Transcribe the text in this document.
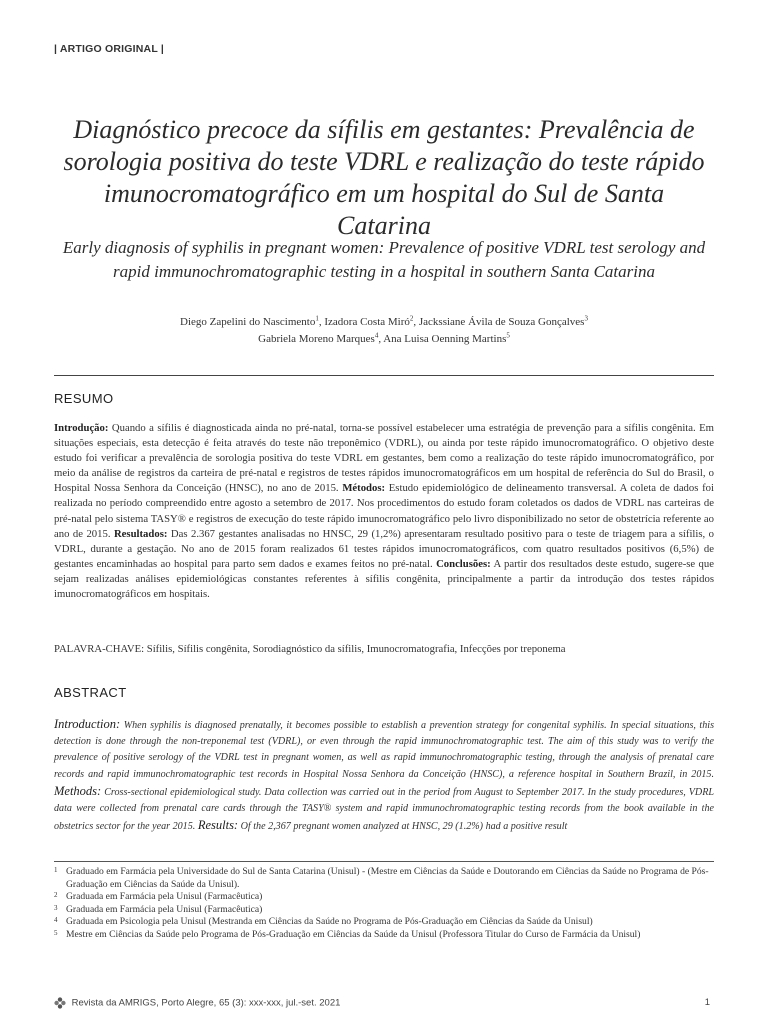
| ARTIGO ORIGINAL |
Diagnóstico precoce da sífilis em gestantes: Prevalência de sorologia positiva do teste VDRL e realização do teste rápido imunocromatográfico em um hospital do Sul de Santa Catarina
Early diagnosis of syphilis in pregnant women: Prevalence of positive VDRL test serology and rapid immunochromatographic testing in a hospital in southern Santa Catarina
Diego Zapelini do Nascimento$^1$, Izadora Costa Miró$^2$, Jackssiane Ávila de Souza Gonçalves$^3$
Gabriela Moreno Marques$^4$, Ana Luisa Oenning Martins$^5$
RESUMO

Introdução: Quando a sífilis é diagnosticada ainda no pré-natal, torna-se possível estabelecer uma estratégia de prevenção para a sífilis congênita. Em situações especiais, esta detecção é feita através do teste não treponêmico (VDRL), ou ainda por teste rápido imunocromatográfico. O objetivo deste estudo foi verificar a prevalência de sorologia positiva do teste VDRL em gestantes, bem como a realização do teste rápido imunocromatográfico, por meio da análise de registros da carteira de pré-natal e registros de testes rápidos imunocromatográficos em um hospital de referência do Sul do Brasil, o Hospital Nossa Senhora da Conceição (HNSC), no ano de 2015. Métodos: Estudo epidemiológico de delineamento transversal. A coleta de dados foi realizada no período compreendido entre agosto a setembro de 2017. Nos procedimentos do estudo foram coletados os dados de VDRL nas carteiras de pré-natal pelo sistema TASY® e registros de execução do teste rápido imunocromatográfico pelo livro disponibilizado no setor de obstetrícia referente ao ano de 2015. Resultados: Das 2.367 gestantes analisadas no HNSC, 29 (1,2%) apresentaram resultado positivo para o teste de triagem para a sífilis, o VDRL, durante a gestação. No ano de 2015 foram realizados 61 testes rápidos imunocromatográficos, com quatro resultados positivos (6,5%) de gestantes encaminhadas ao hospital para parto sem dados e exames feitos no pré-natal. Conclusões: A partir dos resultados deste estudo, sugere-se que sejam realizadas análises epidemiológicas constantes referentes à sífilis congênita, principalmente a partir da introdução dos testes rápidos imunocromatográficos em hospitais.

PALAVRA-CHAVE: Sífilis, Sífilis congênita, Sorodiagnóstico da sífilis, Imunocromatografia, Infecções por treponema
ABSTRACT

Introduction: When syphilis is diagnosed prenatally, it becomes possible to establish a prevention strategy for congenital syphilis. In special situations, this detection is done through the non-treponemal test (VDRL), or even through the rapid immunochromatographic test. The aim of this study was to verify the prevalence of positive serology of the VDRL test in pregnant women, as well as rapid immunochromatographic testing, through the analysis of prenatal care records and rapid immunochromatographic test records in Hospital Nossa Senhora da Conceição (HNSC), a reference hospital in Southern Brazil, in 2015. Methods: Cross-sectional epidemiological study. Data collection was carried out in the period from August to September 2017. In the study procedures, VDRL data were collected from prenatal care cards through the TASY® system and rapid immunochromatographic testing records from the book available in the obstetrics sector for the year 2015. Results: Of the 2,367 pregnant women analyzed at HNSC, 29 (1.2%) had a positive result

1 Graduado em Farmácia pela Universidade do Sul de Santa Catarina (Unisul) - (Mestre em Ciências da Saúde e Doutorando em Ciências da Saúde no Programa de Pós-Graduação em Ciências da Saúde da Unisul).
2 Graduada em Farmácia pela Unisul (Farmacêutica)
3 Graduada em Farmácia pela Unisul (Farmacêutica)
4 Graduada em Psicologia pela Unisul (Mestranda em Ciências da Saúde no Programa de Pós-Graduação em Ciências da Saúde da Unisul)
5 Mestre em Ciências da Saúde pelo Programa de Pós-Graduação em Ciências da Saúde da Unisul (Professora Titular do Curso de Farmácia da Unisul)
Revista da AMRIGS, Porto Alegre, 65 (3): xxx-xxx, jul.-set. 2021	1
